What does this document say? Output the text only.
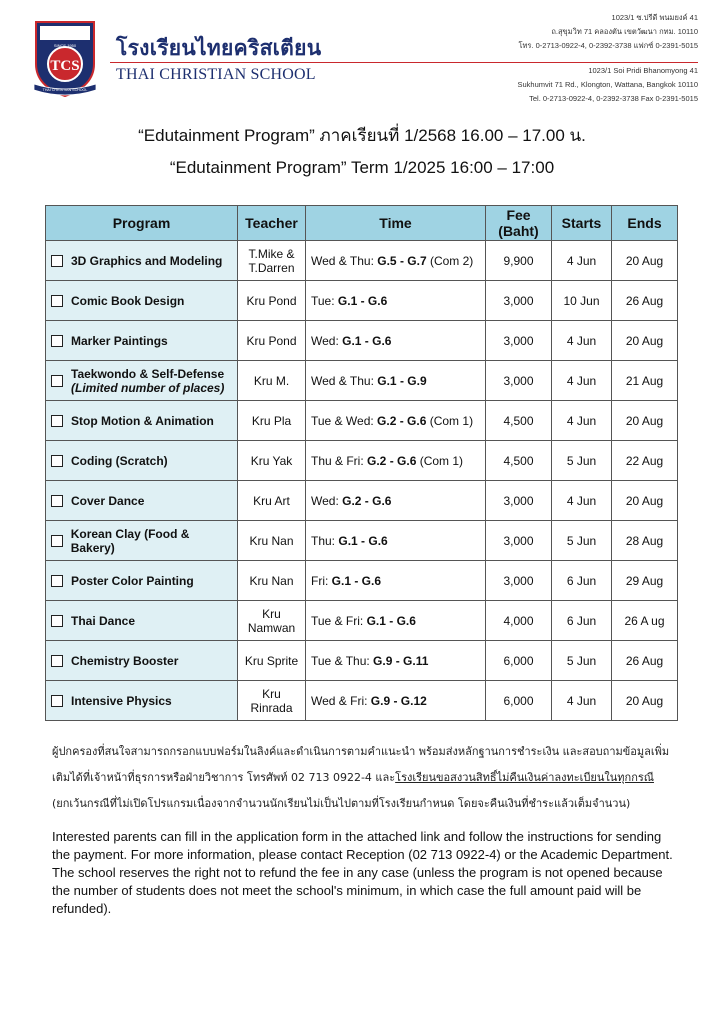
TCS
SINCE 1950
THAI CHRISTIAN SCHOOL
โรงเรียนไทยคริสเตียน
THAI CHRISTIAN SCHOOL
1023/1 ซ.ปรีดี พนมยงค์ 41
ถ.สุขุมวิท 71 คลองตัน เขตวัฒนา กทม. 10110
โทร. 0-2713-0922-4, 0-2392-3738 แฟกซ์ 0-2391-5015
1023/1 Soi Pridi Bhanomyong 41
Sukhumvit 71 Rd., Klongton, Wattana, Bangkok 10110
Tel. 0-2713-0922-4, 0-2392-3738 Fax 0-2391-5015
“Edutainment Program” ภาคเรียนที่ 1/2568 16.00 – 17.00 น.
“Edutainment Program” Term 1/2025 16:00 – 17:00
Program	Teacher	Time	Fee (Baht)	Starts	Ends

3D Graphics and Modeling	T.Mike & T.Darren	Wed & Thu: G.5 - G.7 (Com 2)	9,900	4 Jun	20 Aug

Comic Book Design	Kru Pond	Tue: G.1 - G.6	3,000	10 Jun	26 Aug

Marker Paintings	Kru Pond	Wed: G.1 - G.6	3,000	4 Jun	20 Aug

Taekwondo & Self-Defense
(Limited number of places)	Kru M.	Wed & Thu: G.1 - G.9	3,000	4 Jun	21 Aug

Stop Motion & Animation	Kru Pla	Tue & Wed: G.2 - G.6 (Com 1)	4,500	4 Jun	20 Aug

Coding (Scratch)	Kru Yak	Thu & Fri: G.2 - G.6 (Com 1)	4,500	5 Jun	22 Aug

Cover Dance	Kru Art	Wed: G.2 - G.6	3,000	4 Jun	20 Aug

Korean Clay (Food & Bakery)	Kru Nan	Thu: G.1 - G.6	3,000	5 Jun	28 Aug

Poster Color Painting	Kru Nan	Fri: G.1 - G.6	3,000	6 Jun	29 Aug

Thai Dance	Kru Namwan	Tue & Fri: G.1 - G.6	4,000	6 Jun	26 A ug

Chemistry Booster	Kru Sprite	Tue & Thu: G.9 - G.11	6,000	5 Jun	26 Aug

Intensive Physics	Kru Rinrada	Wed & Fri: G.9 - G.12	6,000	4 Jun	20 Aug
ผู้ปกครองที่สนใจสามารถกรอกแบบฟอร์มในลิงค์และดำเนินการตามคำแนะนำ พร้อมส่งหลักฐานการชำระเงิน และสอบถามข้อมูลเพิ่มเติมได้ที่เจ้าหน้าที่ธุรการหรือฝ่ายวิชาการ โทรศัพท์ 02 713 0922-4 และโรงเรียนขอสงวนสิทธิ์ไม่คืนเงินค่าลงทะเบียนในทุกกรณี (ยกเว้นกรณีที่ไม่เปิดโปรแกรมเนื่องจากจำนวนนักเรียนไม่เป็นไปตามที่โรงเรียนกำหนด โดยจะคืนเงินที่ชำระแล้วเต็มจำนวน)
Interested parents can fill in the application form in the attached link and follow the instructions for sending the payment. For more information, please contact Reception (02 713 0922-4) or the Academic Department. The school reserves the right not to refund the fee in any case (unless the program is not opened because the number of students does not meet the school's minimum, in which case the full amount paid will be refunded).
